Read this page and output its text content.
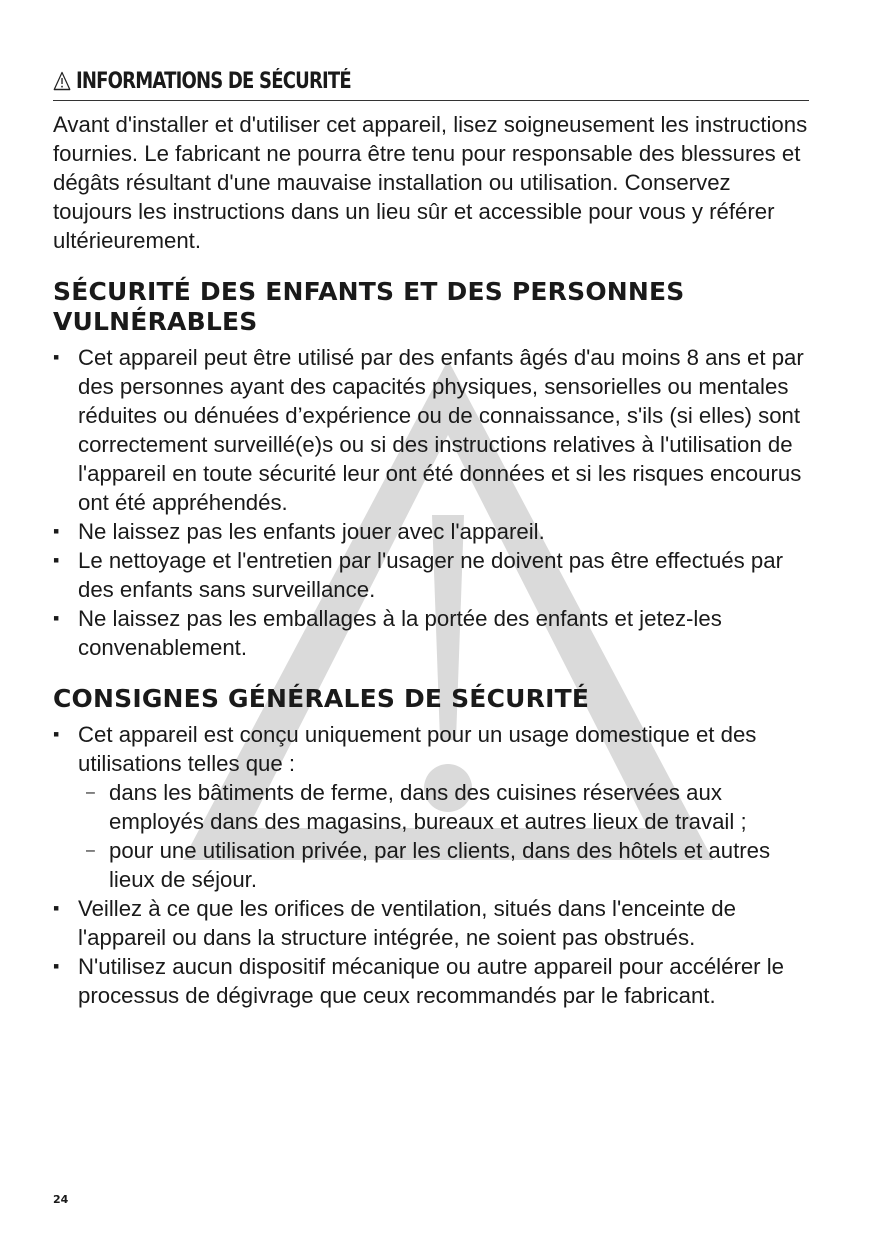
INFORMATIONS DE SÉCURITÉ

Avant d'installer et d'utiliser cet appareil, lisez soigneusement les instructions fournies. Le fabricant ne pourra être tenu pour responsable des blessures et dégâts résultant d'une mauvaise installation ou utilisation. Conservez toujours les instructions dans un lieu sûr et accessible pour vous y référer ultérieurement.

SÉCURITÉ DES ENFANTS ET DES PERSONNES VULNÉRABLES
▪ Cet appareil peut être utilisé par des enfants âgés d'au moins 8 ans et par des personnes ayant des capacités physiques, sensorielles ou mentales réduites ou dénuées d’expérience ou de connaissance, s'ils (si elles) sont correctement surveillé(e)s ou si des instructions relatives à l'utilisation de l'appareil en toute sécurité leur ont été données et si les risques encourus ont été appréhendés.
▪ Ne laissez pas les enfants jouer avec l'appareil.
▪ Le nettoyage et l'entretien par l'usager ne doivent pas être effectués par des enfants sans surveillance.
▪ Ne laissez pas les emballages à la portée des enfants et jetez-les convenablement.
CONSIGNES GÉNÉRALES DE SÉCURITÉ
▪ Cet appareil est conçu uniquement pour un usage domestique et des utilisations telles que :
– dans les bâtiments de ferme, dans des cuisines réservées aux employés dans des magasins, bureaux et autres lieux de travail ;
– pour une utilisation privée, par les clients, dans des hôtels et autres lieux de séjour.
▪ Veillez à ce que les orifices de ventilation, situés dans l'enceinte de l'appareil ou dans la structure intégrée, ne soient pas obstrués.
▪ N'utilisez aucun dispositif mécanique ou autre appareil pour accélérer le processus de dégivrage que ceux recommandés par le fabricant.
24
